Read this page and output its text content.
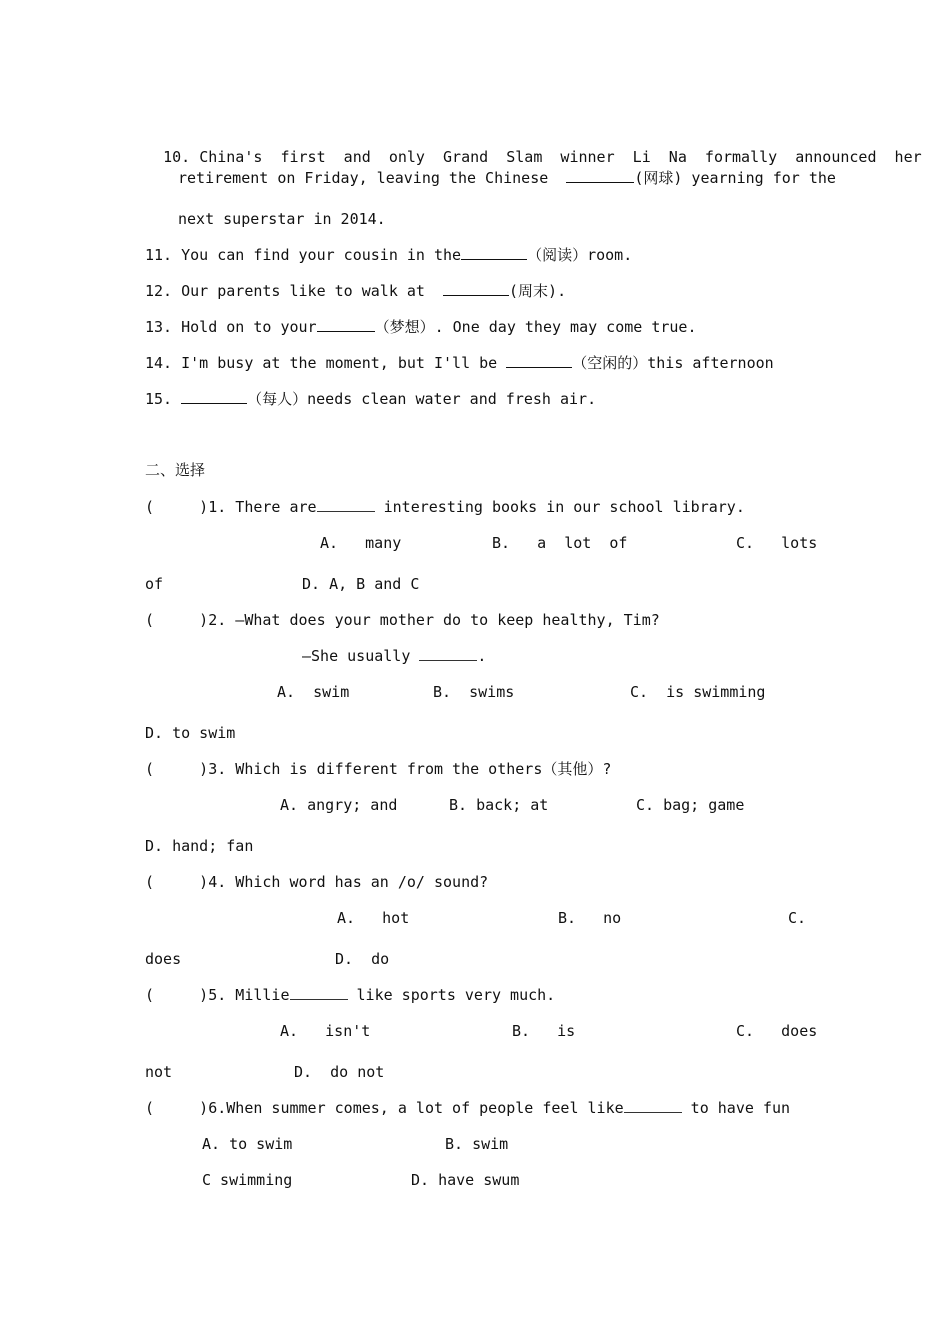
10. China's  first  and  only  Grand  Slam  winner  Li  Na  formally  announced  her

retirement on Friday, leaving the Chinese	(网球) yearning for the
next superstar in 2014.
11. You can find your cousin in the	（阅读）room.
12. Our parents like to walk at	(周末).
13. Hold on to your	（梦想）. One day they may come true.
14. I'm busy at the moment, but I'll be	（空闲的）this afternoon
15.	（每人）needs clean water and fresh air.
二、选择
(     )1. There are	interesting books in our school library.
A.   many	B.   a  lot  of	C.   lots
of	D. A, B and C
(     )2. —What does your mother do to keep healthy, Tim?
—She usually	.
A.  swim	B.  swims	C.  is swimming
D. to swim
(     )3. Which is different from the others（其他）?
A. angry; and	B. back; at	C. bag; game
D. hand; fan
(     )4. Which word has an /o/ sound?
A.   hot	B.   no	C.
does	D.  do
(     )5. Millie	like sports very much.
A.   isn't	B.   is	C.   does
not	D.  do not
(     )6.When summer comes, a lot of people feel like	to have fun
A. to swim	B. swim
C swimming	D. have swum
